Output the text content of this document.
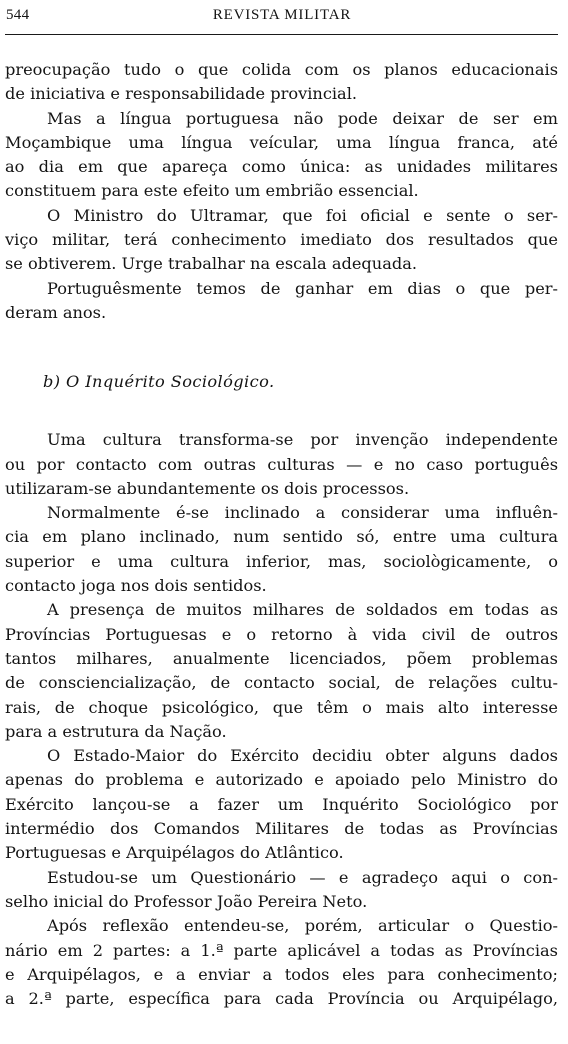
544	REVISTA MILITAR
preocupação tudo o que colida com os planos educacionais
de iniciativa e responsabilidade provincial.
Mas a língua portuguesa não pode deixar de ser em
Moçambique uma língua veícular, uma língua franca, até
ao dia em que apareça como única: as unidades militares
constituem para este efeito um embrião essencial.
O Ministro do Ultramar, que foi oficial e sente o ser-
viço militar, terá conhecimento imediato dos resultados que
se obtiverem. Urge trabalhar na escala adequada.
Portuguêsmente temos de ganhar em dias o que per-
deram anos.
b) O Inquérito Sociológico.
Uma cultura transforma-se por invenção independente
ou por contacto com outras culturas — e no caso português
utilizaram-se abundantemente os dois processos.
Normalmente é-se inclinado a considerar uma influên-
cia em plano inclinado, num sentido só, entre uma cultura
superior e uma cultura inferior, mas, sociològicamente, o
contacto joga nos dois sentidos.
A presença de muitos milhares de soldados em todas as
Províncias Portuguesas e o retorno à vida civil de outros
tantos milhares, anualmente licenciados, põem problemas
de consciencialização, de contacto social, de relações cultu-
rais, de choque psicológico, que têm o mais alto interesse
para a estrutura da Nação.
O Estado-Maior do Exército decidiu obter alguns dados
apenas do problema e autorizado e apoiado pelo Ministro do
Exército lançou-se a fazer um Inquérito Sociológico por
intermédio dos Comandos Militares de todas as Províncias
Portuguesas e Arquipélagos do Atlântico.
Estudou-se um Questionário — e agradeço aqui o con-
selho inicial do Professor João Pereira Neto.
Após reflexão entendeu-se, porém, articular o Questio-
nário em 2 partes: a 1.ª parte aplicável a todas as Províncias
e Arquipélagos, e a enviar a todos eles para conhecimento;
a 2.ª parte, específica para cada Província ou Arquipélago,
